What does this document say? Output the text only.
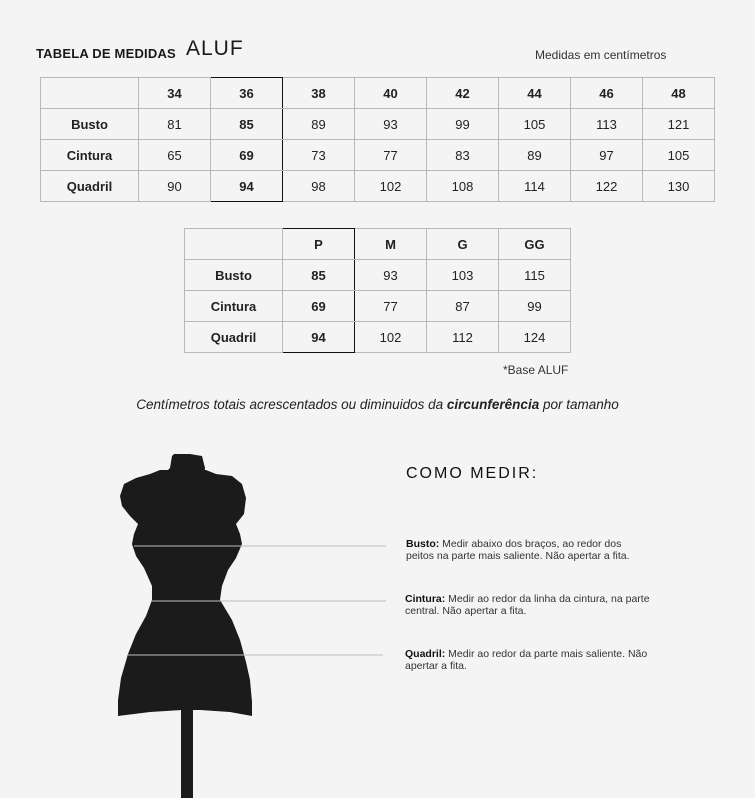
TABELA DE MEDIDAS ALUF	Medidas em centímetros
	34	36	38	40	42	44	46	48
Busto	81	85	89	93	99	105	113	121
Cintura	65	69	73	77	83	89	97	105
Quadril	90	94	98	102	108	114	122	130
	P	M	G	GG
Busto	85	93	103	115
Cintura	69	77	87	99
Quadril	94	102	112	124
*Base ALUF
Centímetros totais acrescentados ou diminuidos da circunferência por tamanho
COMO MEDIR:
Busto: Medir abaixo dos braços, ao redor dos peitos na parte mais saliente. Não apertar a fita.
Cintura: Medir ao redor da linha da cintura, na parte central. Não apertar a fita.
Quadril: Medir ao redor da parte mais saliente. Não apertar a fita.
